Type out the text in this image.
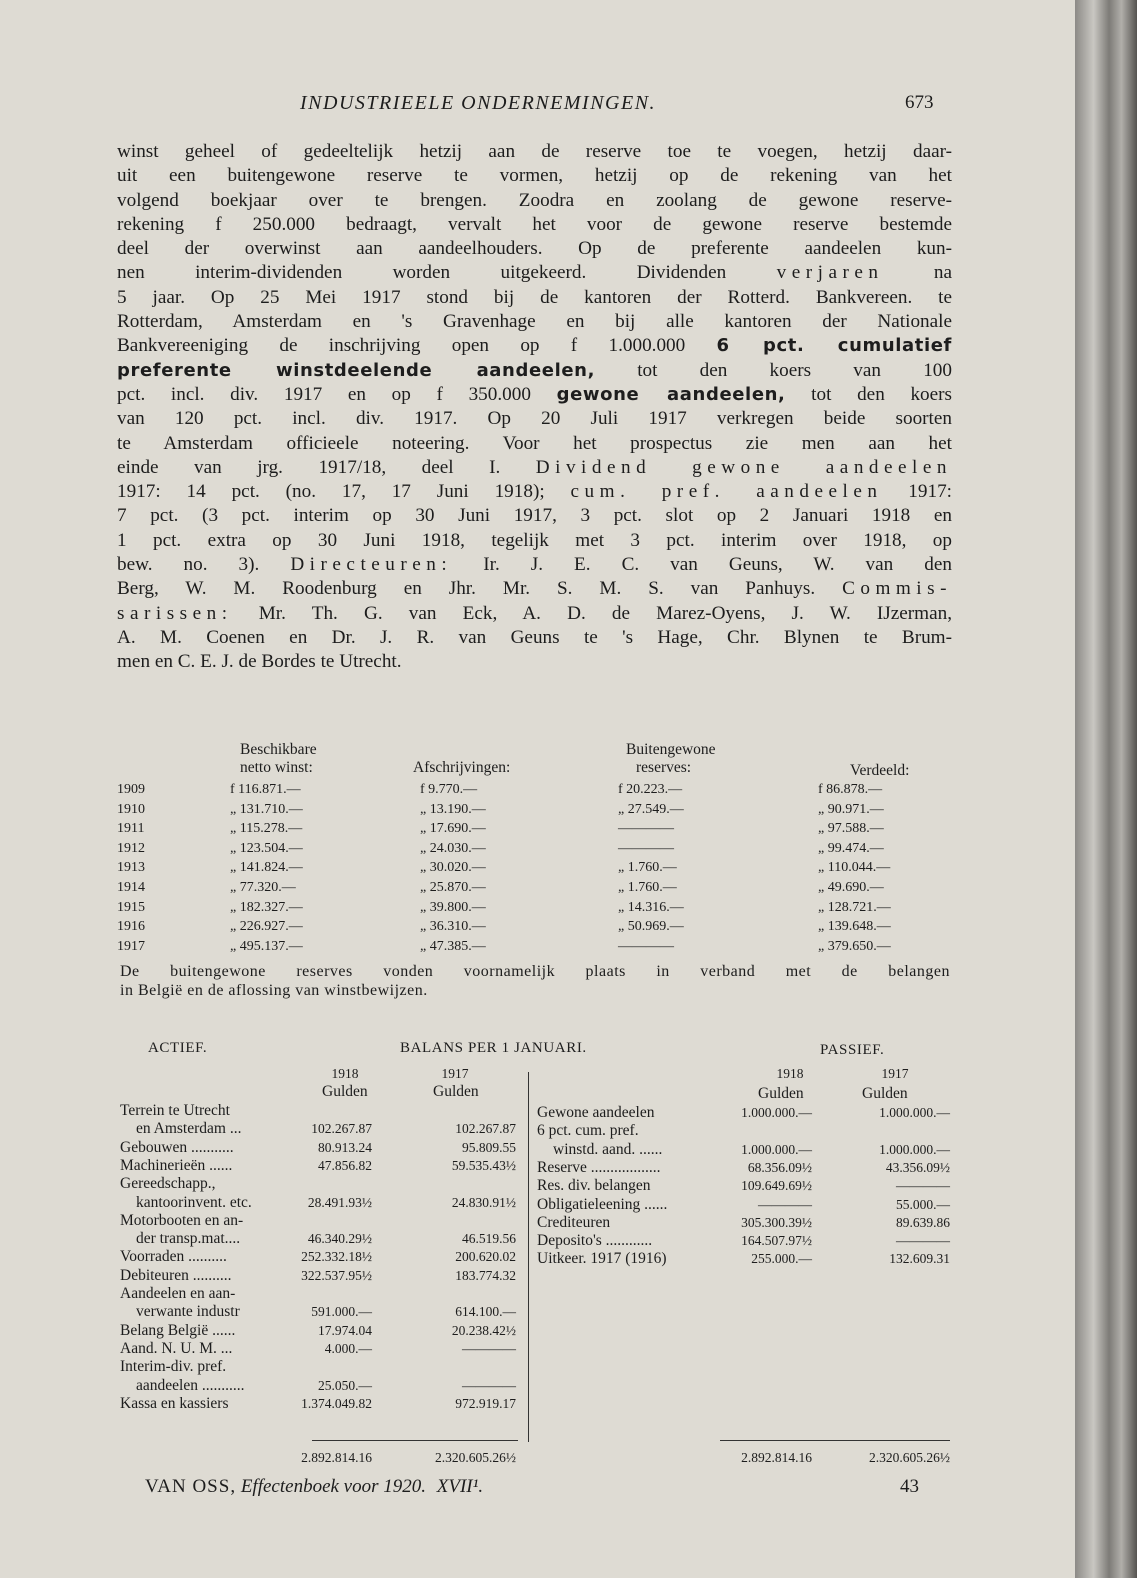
INDUSTRIEELE ONDERNEMINGEN.	673
winst geheel of gedeeltelijk hetzij aan de reserve toe te voegen, hetzij daar-
uit een buitengewone reserve te vormen, hetzij op de rekening van het
volgend boekjaar over te brengen. Zoodra en zoolang de gewone reserve-
rekening f 250.000 bedraagt, vervalt het voor de gewone reserve bestemde
deel der overwinst aan aandeelhouders. Op de preferente aandeelen kun-
nen interim-dividenden worden uitgekeerd. Dividenden verjaren na
5 jaar. Op 25 Mei 1917 stond bij de kantoren der Rotterd. Bankvereen. te
Rotterdam, Amsterdam en 's Gravenhage en bij alle kantoren der Nationale
Bankvereeniging de inschrijving open op f 1.000.000 6 pct. cumulatief
preferente winstdeelende aandeelen, tot den koers van 100
pct. incl. div. 1917 en op f 350.000 gewone aandeelen, tot den koers
van 120 pct. incl. div. 1917. Op 20 Juli 1917 verkregen beide soorten
te Amsterdam officieele noteering. Voor het prospectus zie men aan het
einde van jrg. 1917/18, deel I. Dividend gewone aandeelen
1917: 14 pct. (no. 17, 17 Juni 1918); cum. pref. aandeelen 1917:
7 pct. (3 pct. interim op 30 Juni 1917, 3 pct. slot op 2 Januari 1918 en
1 pct. extra op 30 Juni 1918, tegelijk met 3 pct. interim over 1918, op
bew. no. 3). Directeuren: Ir. J. E. C. van Geuns, W. van den
Berg, W. M. Roodenburg en Jhr. Mr. S. M. S. van Panhuys. Commis-
sarissen: Mr. Th. G. van Eck, A. D. de Marez-Oyens, J. W. IJzerman,
A. M. Coenen en Dr. J. R. van Geuns te 's Hage, Chr. Blynen te Brum-
men en C. E. J. de Bordes te Utrecht.
Beschikbare
netto winst:	Afschrijvingen:
Buitengewone
reserves:	Verdeeld:
1909	f 116.871.—	f 9.770.—	f 20.223.—	f 86.878.—
1910	„ 131.710.—	„ 13.190.—	„ 27.549.—	„ 90.971.—
1911	„ 115.278.—	„ 17.690.—	————	„ 97.588.—
1912	„ 123.504.—	„ 24.030.—	————	„ 99.474.—
1913	„ 141.824.—	„ 30.020.—	„ 1.760.—	„ 110.044.—
1914	„ 77.320.—	„ 25.870.—	„ 1.760.—	„ 49.690.—
1915	„ 182.327.—	„ 39.800.—	„ 14.316.—	„ 128.721.—
1916	„ 226.927.—	„ 36.310.—	„ 50.969.—	„ 139.648.—
1917	„ 495.137.—	„ 47.385.—	————	„ 379.650.—
De buitengewone reserves vonden voornamelijk plaats in verband met de belangen
in België en de aflossing van winstbewijzen.
ACTIEF.	BALANS PER 1 JANUARI.	PASSIEF.
1918	1917
Gulden	Gulden
1918	1917
Gulden	Gulden
Terrein te Utrecht
en Amsterdam ...	102.267.87	102.267.87
Gebouwen ...........	80.913.24	95.809.55
Machinerieën ......	47.856.82	59.535.43½
Gereedschapp.,
kantoorinvent. etc.	28.491.93½	24.830.91½
Motorbooten en an-
der transp.mat....	46.340.29½	46.519.56
Voorraden ..........	252.332.18½	200.620.02
Debiteuren ..........	322.537.95½	183.774.32
Aandeelen en aan-
verwante industr	591.000.—	614.100.—
Belang België ......	17.974.04	20.238.42½
Aand. N. U. M. ...	4.000.—	————
Interim-div. pref.
aandeelen ...........	25.050.—	————
Kassa en kassiers	1.374.049.82	972.919.17
Gewone aandeelen	1.000.000.—	1.000.000.—
6 pct. cum. pref.
winstd. aand. ......	1.000.000.—	1.000.000.—
Reserve ..................	68.356.09½	43.356.09½
Res. div. belangen	109.649.69½	————
Obligatieleening ......	————	55.000.—
Crediteuren	305.300.39½	89.639.86
Deposito's ............	164.507.97½	————
Uitkeer. 1917 (1916)	255.000.—	132.609.31
2.892.814.16	2.320.605.26½	2.892.814.16	2.320.605.26½
VAN OSS, Effectenboek voor 1920. XVII¹.	43
